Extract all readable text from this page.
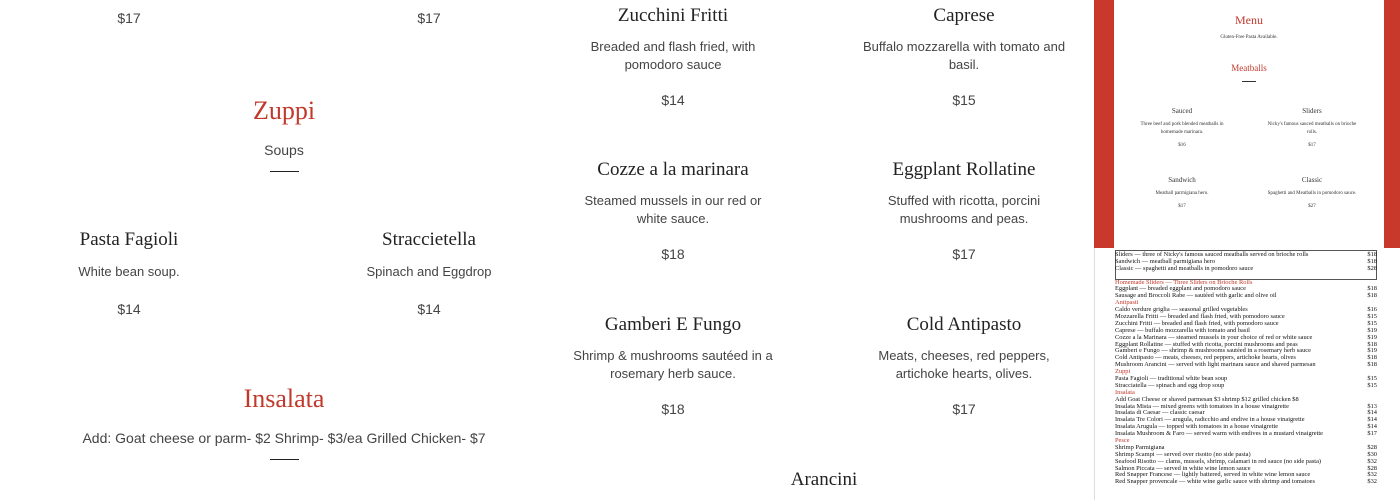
$17	$17
Zuppi
Soups
Pasta Fagioli
White bean soup.
$14
Straccietella
Spinach and Eggdrop
$14
Insalata
Add: Goat cheese or parm- $2 Shrimp- $3/ea Grilled Chicken- $7
Zucchini Fritti
Breaded and flash fried, with pomodoro sauce
$14
Cozze a la marinara
Steamed mussels in our red or white sauce.
$18
Gamberi E Fungo
Shrimp & mushrooms sautéed in a rosemary herb sauce.
$18
Arancini
Caprese
Buffalo mozzarella with tomato and basil.
$15
Eggplant Rollatine
Stuffed with ricotta, porcini mushrooms and peas.
$17
Cold Antipasto
Meats, cheeses, red peppers, artichoke hearts, olives.
$17
Menu
Gluten-Free Pasta Available.
Meatballs
Sauced
Three beef and pork blended meatballs in homemade marinara.
$16
Sliders
Nicky's famous sauced meatballs on brioche rolls.
$17
Sandwich
Meatball parmigiana hero.
$17
Classic
Spaghetti and Meatballs in pomodoro sauce.
$27
Sliders — three of Nicky's famous sauced meatballs served on brioche rolls	$18
Sandwich — meatball parmigiana hero	$18
Classic — spaghetti and meatballs in pomodoro sauce	$28
Homemade Sliders — Three Sliders on Brioche Rolls
Eggplant — breaded eggplant and pomodoro sauce	$18
Sausage and Broccoli Rabe — sautéed with garlic and olive oil	$18
Antipasti
Caldo verdure griglia — seasonal grilled vegetables	$16
Mozzarella Fritti — breaded and flash fried, with pomodoro sauce	$15
Zucchini Fritti — breaded and flash fried, with pomodoro sauce	$15
Caprese — buffalo mozzarella with tomato and basil	$19
Cozze a la Marinara — steamed mussels in your choice of red or white sauce	$19
Eggplant Rollatine — stuffed with ricotta, porcini mushrooms and peas	$18
Gamberi e Fungo — shrimp & mushrooms sautéed in a rosemary herb sauce	$19
Cold Antipasto — meats, cheeses, red peppers, artichoke hearts, olives	$18
Mushroom Arancini — served with light marinara sauce and shaved parmesan	$18
Zuppi
Pasta Fagioli — traditional white bean soup	$15
Stracciatella — spinach and egg drop soup	$15
Insalata
Add Goat Cheese or shaved parmesan $3 shrimp $12 grilled chicken $8
Insalata Mista — mixed greens with tomatoes in a house vinaigrette	$13
Insalata di Caesar — classic caesar	$14
Insalata Tre Colori — arugula, radicchio and endive in a house vinaigrette	$14
Insalata Arugula — topped with tomatoes in a house vinaigrette	$14
Insalata Mushroom & Faro — served warm with endives in a mustard vinaigrette	$17
Pesce
Shrimp Parmigiana	$28
Shrimp Scampi — served over risotto (no side pasta)	$30
Seafood Risotto — clams, mussels, shrimp, calamari in red sauce (no side pasta)	$32
Salmon Piccata — served in white wine lemon sauce	$28
Red Snapper Francese — lightly battered, served in white wine lemon sauce	$32
Red Snapper provencale — white wine garlic sauce with shrimp and tomatoes	$32
